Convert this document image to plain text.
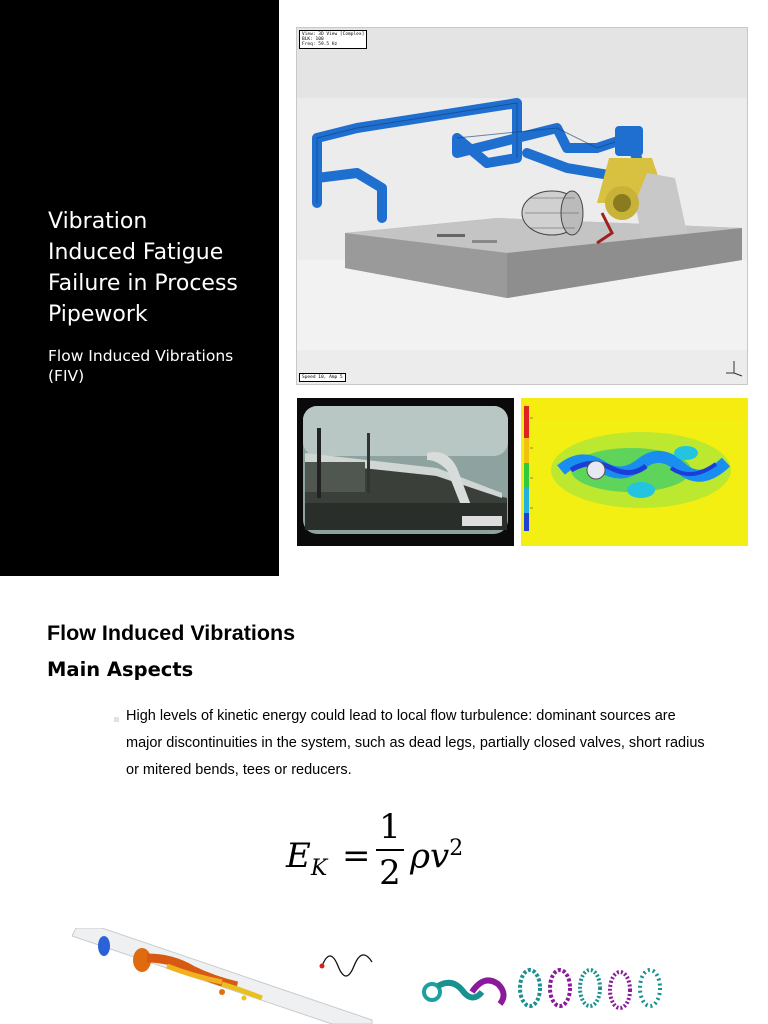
Vibration
Induced Fatigue
Failure in Process
Pipework
Flow Induced Vibrations
(FIV)
View: 3D View [Complex]
BLK: 100
Freq: 59.5 Hz
Speed 10, Amp 5
Flow Induced Vibrations
Main Aspects

High levels of kinetic energy could lead to local flow turbulence: dominant sources are major discontinuities in the system, such as dead legs, partially closed valves, short radius or mitered bends, tees or reducers.

$E_K$ =
1
2 $\rho v^2$
